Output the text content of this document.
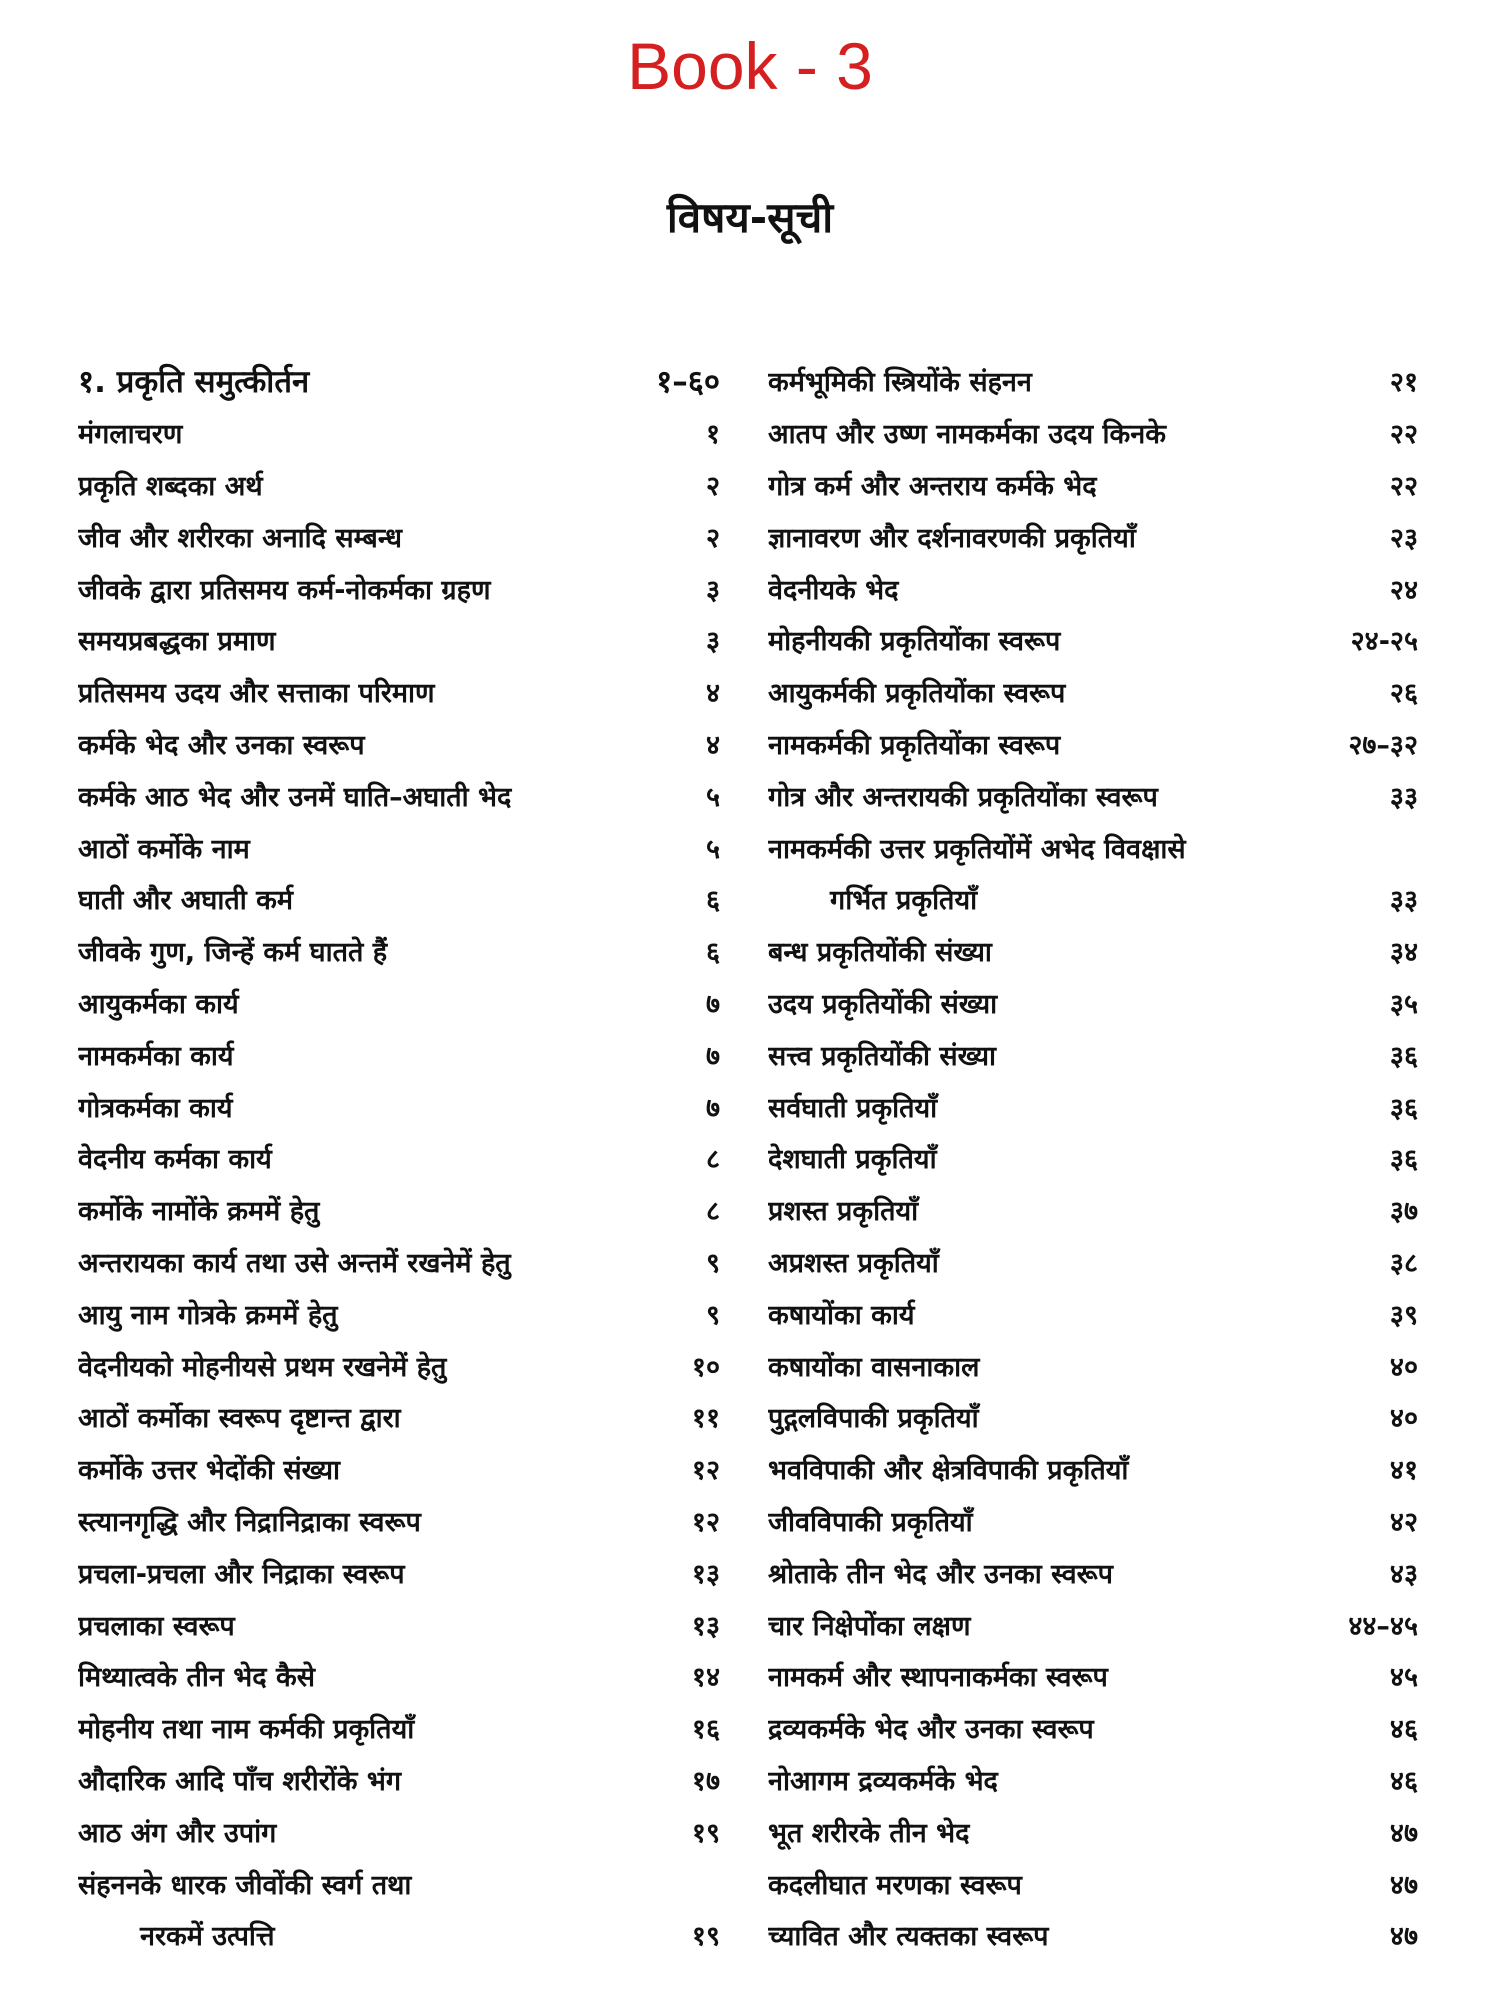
Book - 3
विषय-सूची
१. प्रकृति समुत्कीर्तन	१–६०
मंगलाचरण	१
प्रकृति शब्दका अर्थ	२
जीव और शरीरका अनादि सम्बन्ध	२
जीवके द्वारा प्रतिसमय कर्म-नोकर्मका ग्रहण	३
समयप्रबद्धका प्रमाण	३
प्रतिसमय उदय और सत्ताका परिमाण	४
कर्मके भेद और उनका स्वरूप	४
कर्मके आठ भेद और उनमें घाति–अघाती भेद	५
आठों कर्मोके नाम	५
घाती और अघाती कर्म	६
जीवके गुण, जिन्हें कर्म घातते हैं	६
आयुकर्मका कार्य	७
नामकर्मका कार्य	७
गोत्रकर्मका कार्य	७
वेदनीय कर्मका कार्य	८
कर्मोके नामोंके क्रममें हेतु	८
अन्तरायका कार्य तथा उसे अन्तमें रखनेमें हेतु	९
आयु नाम गोत्रके क्रममें हेतु	९
वेदनीयको मोहनीयसे प्रथम रखनेमें हेतु	१०
आठों कर्मोका स्वरूप दृष्टान्त द्वारा	११
कर्मोके उत्तर भेदोंकी संख्या	१२
स्त्यानगृद्धि और निद्रानिद्राका स्वरूप	१२
प्रचला-प्रचला और निद्राका स्वरूप	१३
प्रचलाका स्वरूप	१३
मिथ्यात्वके तीन भेद कैसे	१४
मोहनीय तथा नाम कर्मकी प्रकृतियाँ	१६
औदारिक आदि पाँच शरीरोंके भंग	१७
आठ अंग और उपांग	१९
संहननके धारक जीवोंकी स्वर्ग तथा
नरकमें उत्पत्ति	१९
कर्मभूमिकी स्त्रियोंके संहनन	२१
आतप और उष्ण नामकर्मका उदय किनके	२२
गोत्र कर्म और अन्तराय कर्मके भेद	२२
ज्ञानावरण और दर्शनावरणकी प्रकृतियाँ	२३
वेदनीयके भेद	२४
मोहनीयकी प्रकृतियोंका स्वरूप	२४-२५
आयुकर्मकी प्रकृतियोंका स्वरूप	२६
नामकर्मकी प्रकृतियोंका स्वरूप	२७–३२
गोत्र और अन्तरायकी प्रकृतियोंका स्वरूप	३३
नामकर्मकी उत्तर प्रकृतियोंमें अभेद विवक्षासे
गर्भित प्रकृतियाँ	३३
बन्ध प्रकृतियोंकी संख्या	३४
उदय प्रकृतियोंकी संख्या	३५
सत्त्व प्रकृतियोंकी संख्या	३६
सर्वघाती प्रकृतियाँ	३६
देशघाती प्रकृतियाँ	३६
प्रशस्त प्रकृतियाँ	३७
अप्रशस्त प्रकृतियाँ	३८
कषायोंका कार्य	३९
कषायोंका वासनाकाल	४०
पुद्गलविपाकी प्रकृतियाँ	४०
भवविपाकी और क्षेत्रविपाकी प्रकृतियाँ	४१
जीवविपाकी प्रकृतियाँ	४२
श्रोताके तीन भेद और उनका स्वरूप	४३
चार निक्षेपोंका लक्षण	४४–४५
नामकर्म और स्थापनाकर्मका स्वरूप	४५
द्रव्यकर्मके भेद और उनका स्वरूप	४६
नोआगम द्रव्यकर्मके भेद	४६
भूत शरीरके तीन भेद	४७
कदलीघात मरणका स्वरूप	४७
च्यावित और त्यक्तका स्वरूप	४७
